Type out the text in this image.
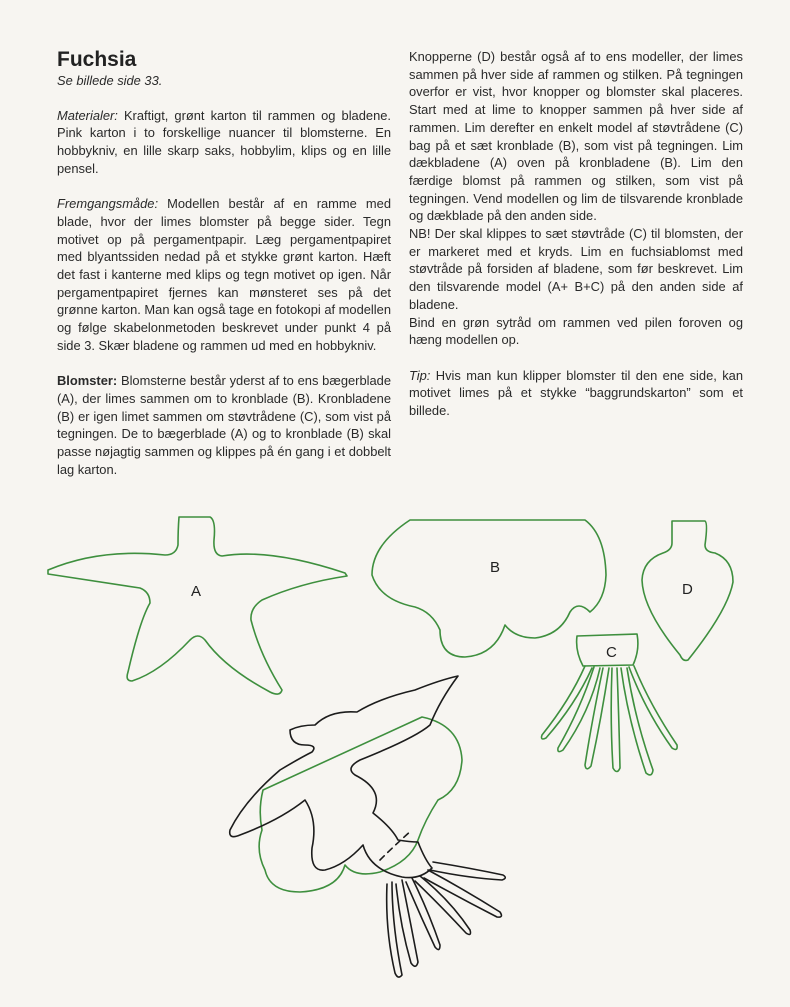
Fuchsia

Se billede side 33.

Materialer: Kraftigt, grønt karton til rammen og bladene. Pink karton i to forskellige nuancer til blomsterne. En hobbykniv, en lille skarp saks, hobbylim, klips og en lille pensel.

Fremgangsmåde: Modellen består af en ramme med blade, hvor der limes blomster på begge sider. Tegn motivet op på pergamentpapir. Læg pergamentpapiret med blyantssiden nedad på et stykke grønt karton. Hæft det fast i kanterne med klips og tegn motivet op igen. Når pergamentpapiret fjernes kan mønsteret ses på det grønne karton. Man kan også tage en fotokopi af modellen og følge skabelonmetoden beskrevet under punkt 4 på side 3. Skær bladene og rammen ud med en hobbykniv.

Blomster: Blomsterne består yderst af to ens bægerblade (A), der limes sammen om to kronblade (B). Kronbladene (B) er igen limet sammen om støvtrådene (C), som vist på tegningen. De to bægerblade (A) og to kronblade (B) skal passe nøjagtig sammen og klippes på én gang i et dobbelt lag karton.

Knopperne (D) består også af to ens modeller, der limes sammen på hver side af rammen og stilken. På tegningen overfor er vist, hvor knopper og blomster skal placeres. Start med at lime to knopper sammen på hver side af rammen. Lim derefter en enkelt model af støvtrådene (C) bag på et sæt kronblade (B), som vist på tegningen. Lim dækbladene (A) oven på kronbladene (B). Lim den færdige blomst på rammen og stilken, som vist på tegningen. Vend modellen og lim de tilsvarende kronblade og dækblade på den anden side.

NB! Der skal klippes to sæt støvtråde (C) til blomsten, der er markeret med et kryds. Lim en fuchsiablomst med støvtråde på forsiden af bladene, som før beskrevet. Lim den tilsvarende model (A+ B+C) på den anden side af bladene.

Bind en grøn sytråd om rammen ved pilen foroven og hæng modellen op.

Tip: Hvis man kun klipper blomster til den ene side, kan motivet limes på et stykke “baggrundskarton” som et billede.

A
B
D
C
